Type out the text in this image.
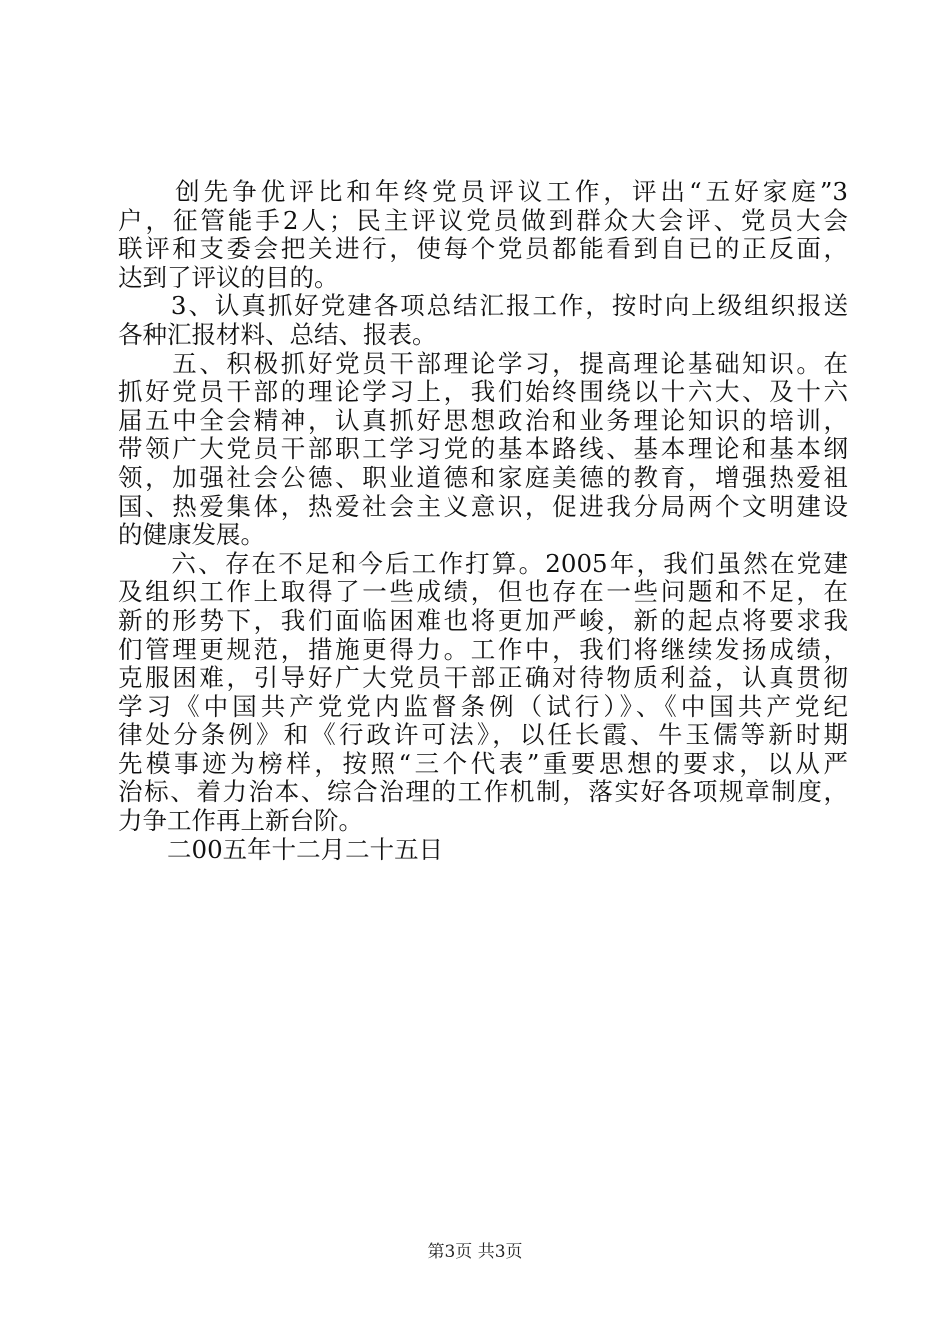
　　创先争优评比和年终党员评议工作，评出“五好家庭”3
户，征管能手2人；民主评议党员做到群众大会评、党员大会
联评和支委会把关进行，使每个党员都能看到自已的正反面，
达到了评议的目的。
　　3、认真抓好党建各项总结汇报工作，按时向上级组织报送
各种汇报材料、总结、报表。
　　五、积极抓好党员干部理论学习，提高理论基础知识。在
抓好党员干部的理论学习上，我们始终围绕以十六大、及十六
届五中全会精神，认真抓好思想政治和业务理论知识的培训，
带领广大党员干部职工学习党的基本路线、基本理论和基本纲
领，加强社会公德、职业道德和家庭美德的教育，增强热爱祖
国、热爱集体，热爱社会主义意识，促进我分局两个文明建设
的健康发展。
　　六、存在不足和今后工作打算。2005年，我们虽然在党建
及组织工作上取得了一些成绩，但也存在一些问题和不足，在
新的形势下，我们面临困难也将更加严峻，新的起点将要求我
们管理更规范，措施更得力。工作中，我们将继续发扬成绩，
克服困难，引导好广大党员干部正确对待物质利益，认真贯彻
学习《中国共产党党内监督条例（试行）》、《中国共产党纪
律处分条例》和《行政许可法》，以任长霞、牛玉儒等新时期
先模事迹为榜样，按照“三个代表”重要思想的要求，以从严
治标、着力治本、综合治理的工作机制，落实好各项规章制度，
力争工作再上新台阶。
　　二00五年十二月二十五日
第3页 共3页
